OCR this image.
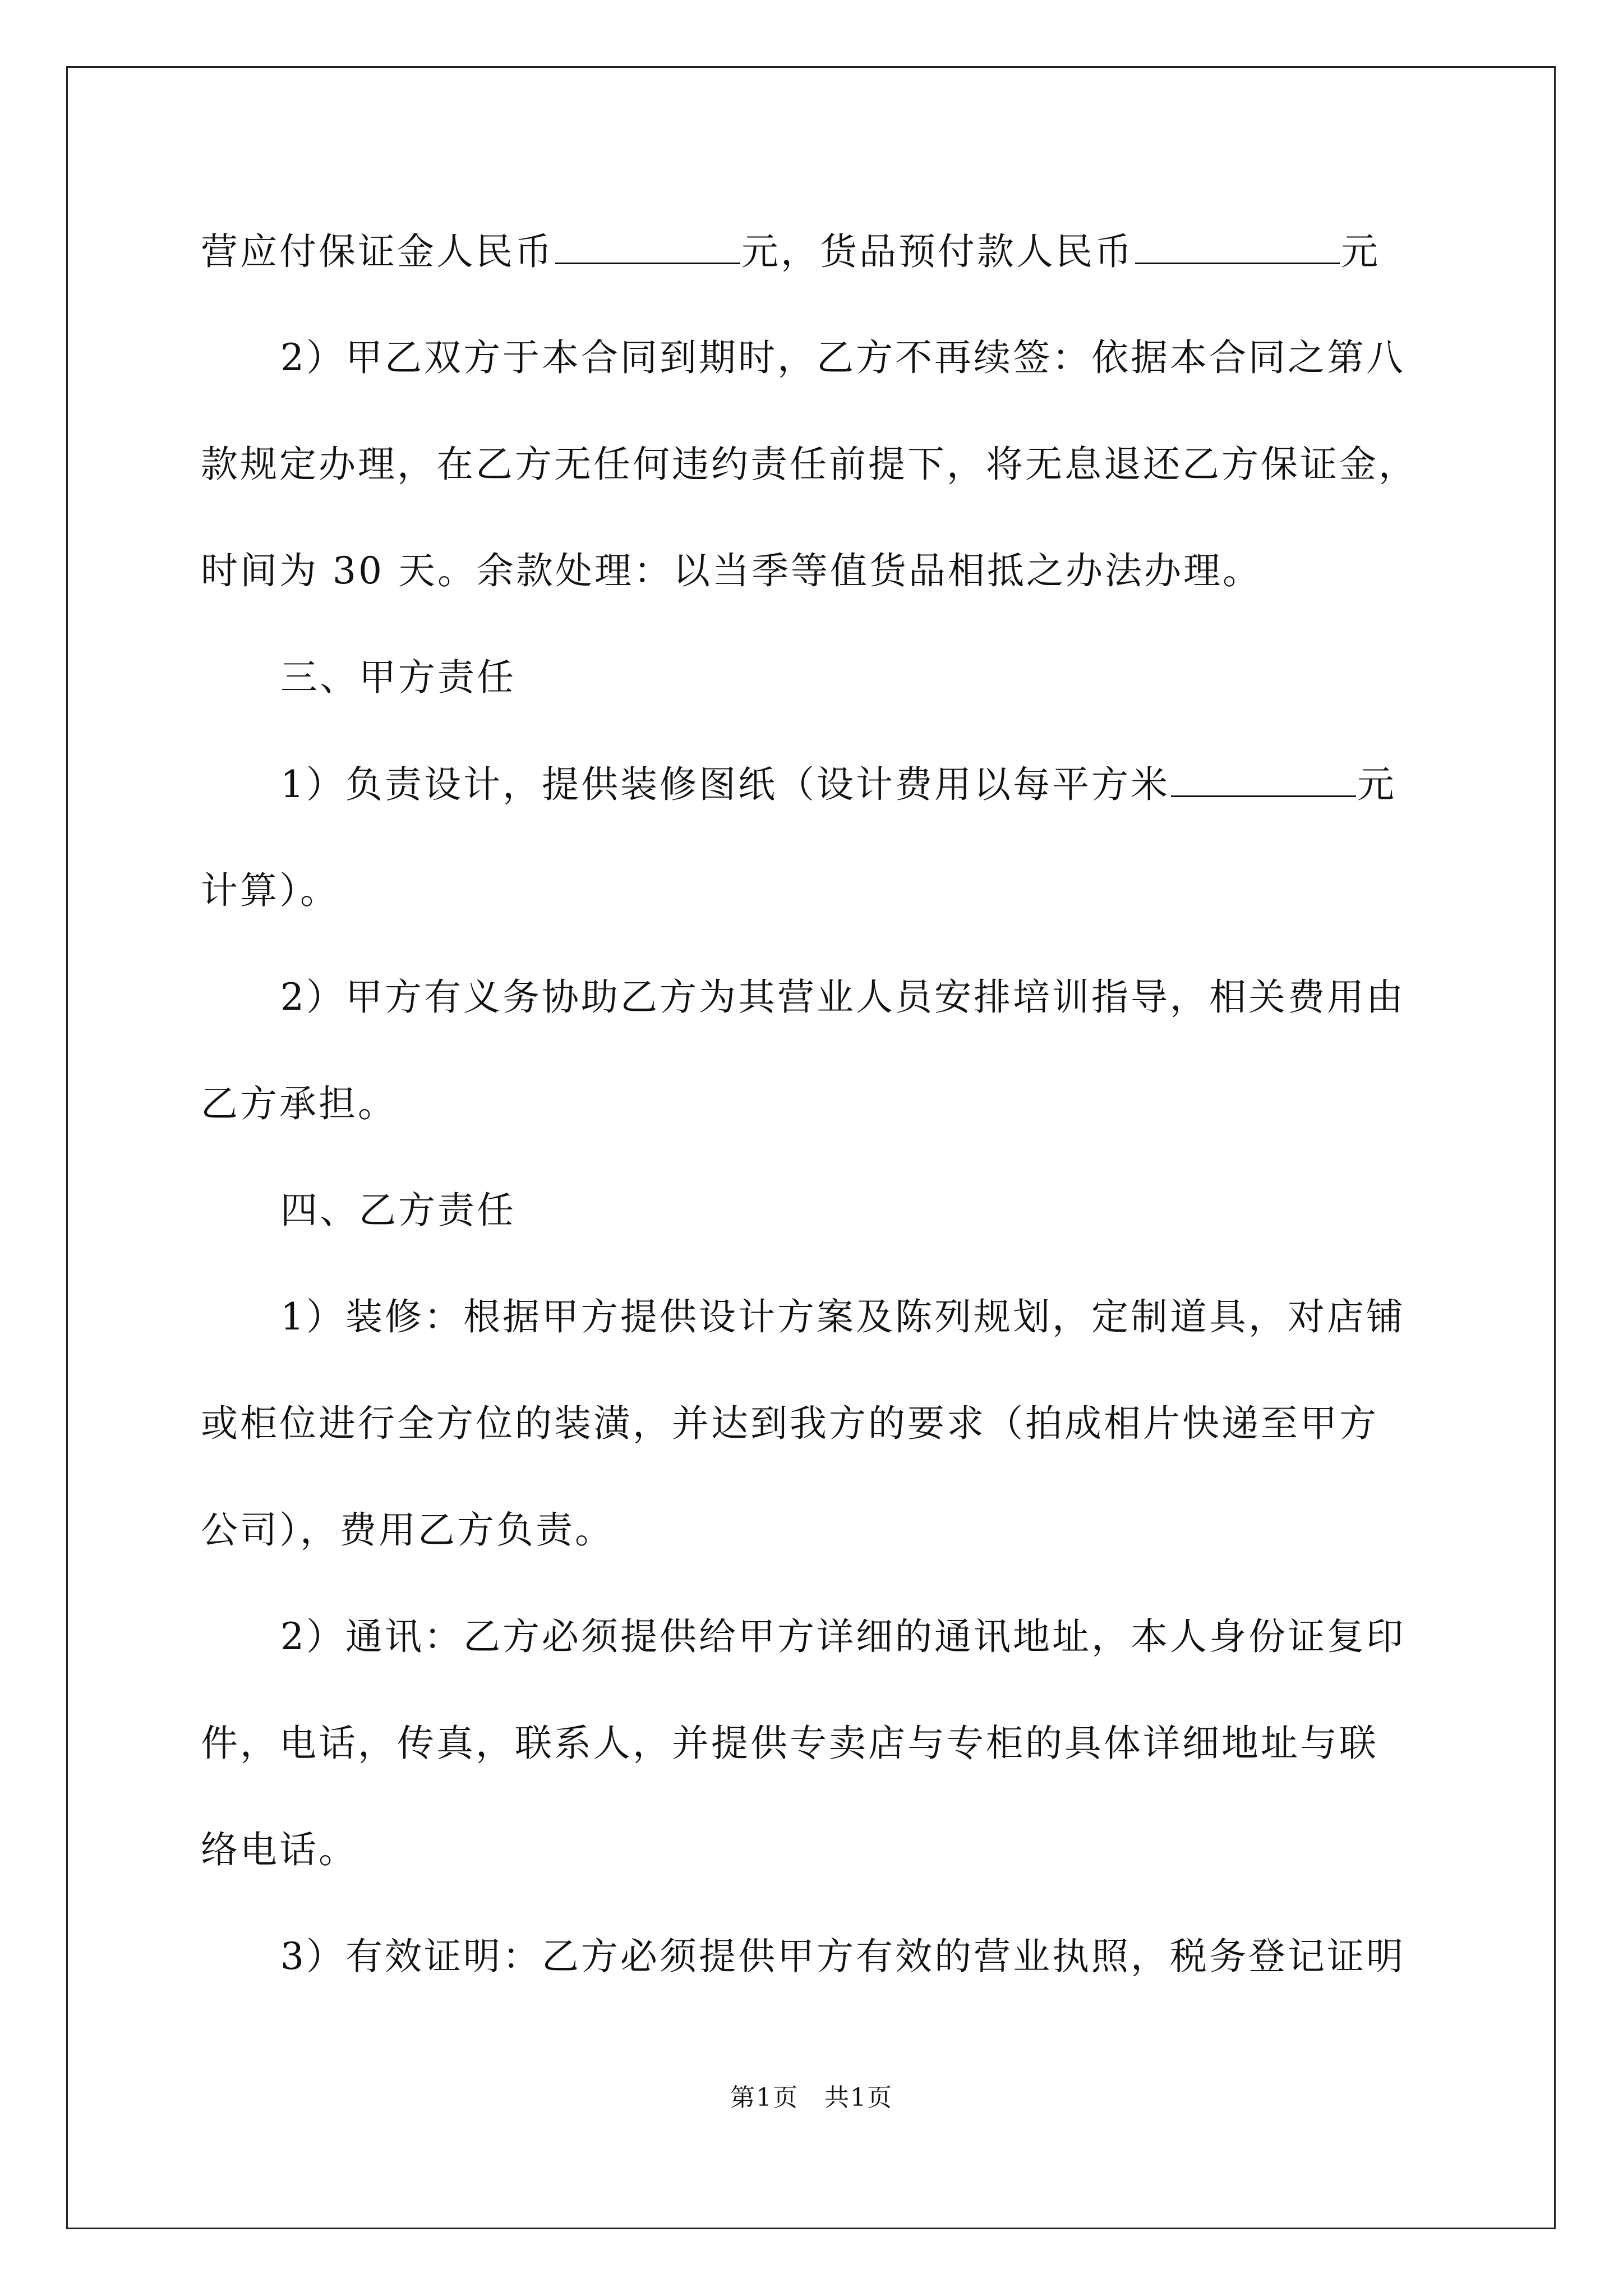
营应付保证金人民币	元，货品预付款人民币	元
2）甲乙双方于本合同到期时，乙方不再续签：依据本合同之第八
款规定办理，在乙方无任何违约责任前提下，将无息退还乙方保证金，
时间为 30 天。余款处理：以当季等值货品相抵之办法办理。
三、甲方责任
1）负责设计，提供装修图纸（设计费用以每平方米	元
计算）。
2）甲方有义务协助乙方为其营业人员安排培训指导，相关费用由
乙方承担。
四、乙方责任
1）装修：根据甲方提供设计方案及陈列规划，定制道具，对店铺
或柜位进行全方位的装潢，并达到我方的要求（拍成相片快递至甲方
公司），费用乙方负责。
2）通讯：乙方必须提供给甲方详细的通讯地址，本人身份证复印
件，电话，传真，联系人，并提供专卖店与专柜的具体详细地址与联
络电话。
3）有效证明：乙方必须提供甲方有效的营业执照，税务登记证明
第1页　共1页
